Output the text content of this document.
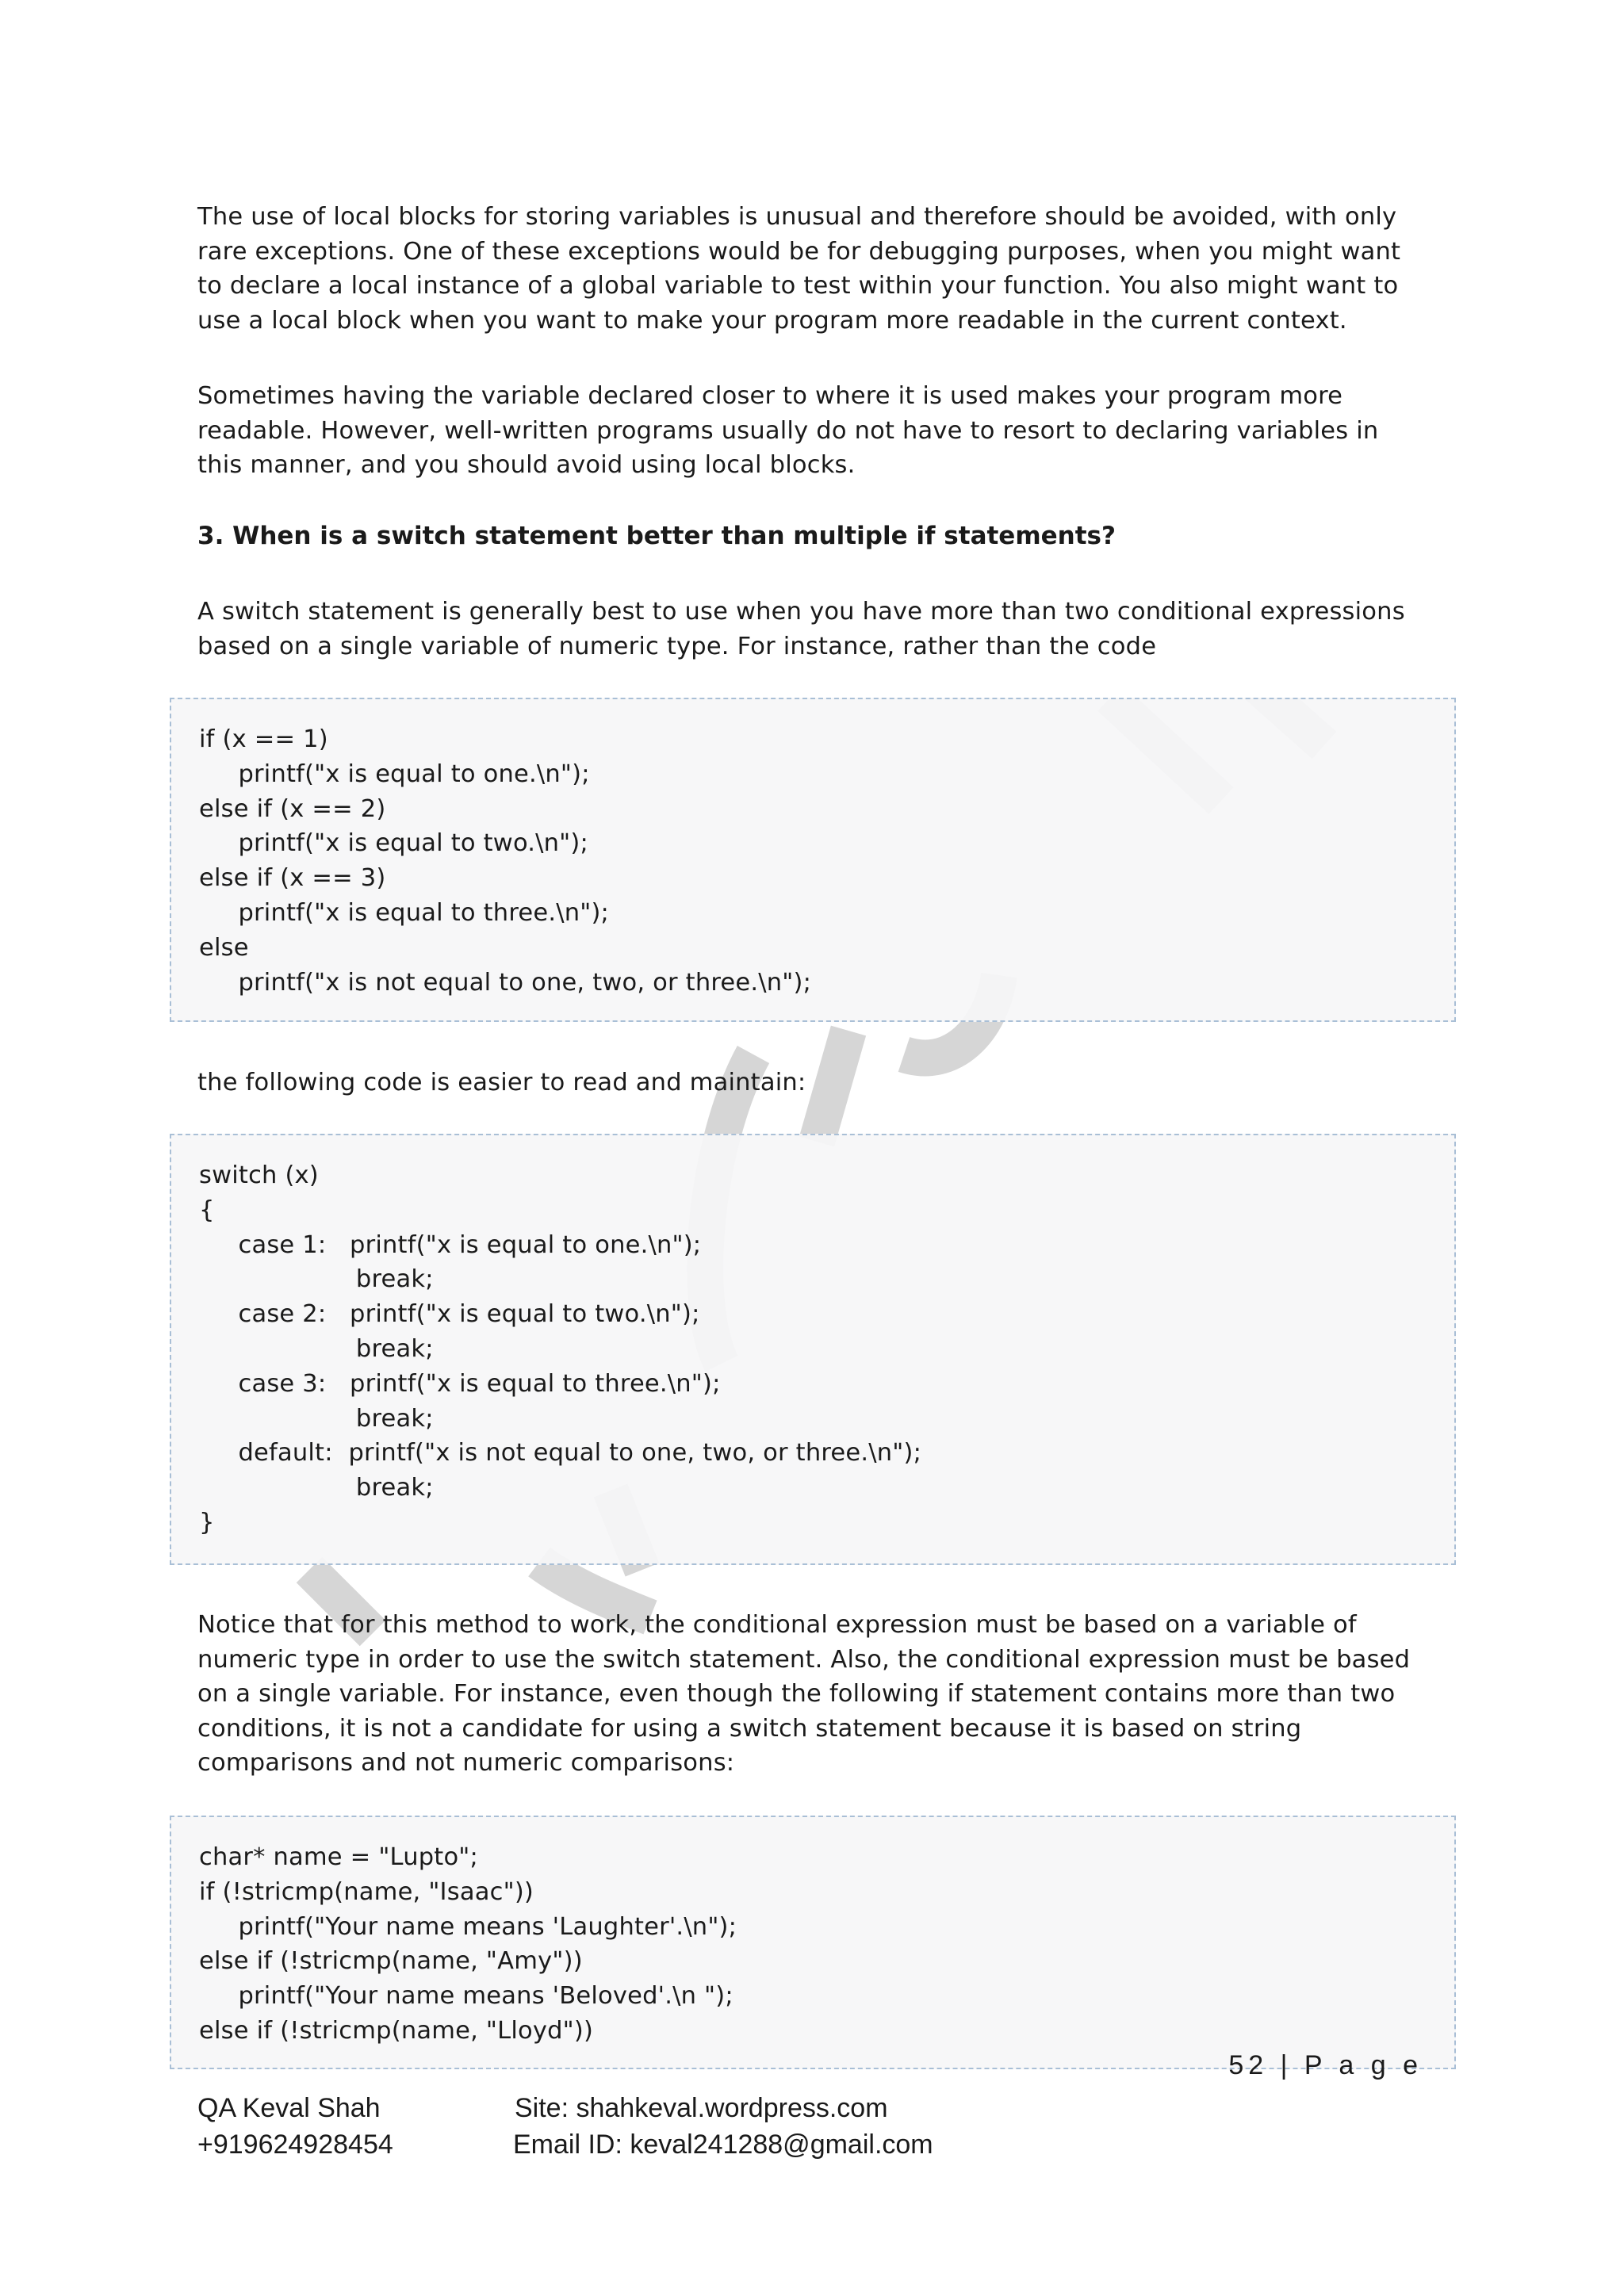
The use of local blocks for storing variables is unusual and therefore should be avoided, with only
rare exceptions. One of these exceptions would be for debugging purposes, when you might want
to declare a local instance of a global variable to test within your function. You also might want to
use a local block when you want to make your program more readable in the current context.
Sometimes having the variable declared closer to where it is used makes your program more
readable. However, well-written programs usually do not have to resort to declaring variables in
this manner, and you should avoid using local blocks.
3. When is a switch statement better than multiple if statements?
A switch statement is generally best to use when you have more than two conditional expressions
based on a single variable of numeric type. For instance, rather than the code
if (x == 1)
printf("x is equal to one.\n");
else if (x == 2)
printf("x is equal to two.\n");
else if (x == 3)
printf("x is equal to three.\n");
else
printf("x is not equal to one, two, or three.\n");
the following code is easier to read and maintain:
switch (x)
{
case 1:   printf("x is equal to one.\n");
break;
case 2:   printf("x is equal to two.\n");
break;
case 3:   printf("x is equal to three.\n");
break;
default:  printf("x is not equal to one, two, or three.\n");
break;
}
Notice that for this method to work, the conditional expression must be based on a variable of
numeric type in order to use the switch statement. Also, the conditional expression must be based
on a single variable. For instance, even though the following if statement contains more than two
conditions, it is not a candidate for using a switch statement because it is based on string
comparisons and not numeric comparisons:
char* name = "Lupto";
if (!stricmp(name, "Isaac"))
printf("Your name means 'Laughter'.\n");
else if (!stricmp(name, "Amy"))
printf("Your name means 'Beloved'.\n ");
else if (!stricmp(name, "Lloyd"))
52 | P a g e
QA Keval Shah
+919624928454
Site: shahkeval.wordpress.com
Email ID: keval241288@gmail.com
